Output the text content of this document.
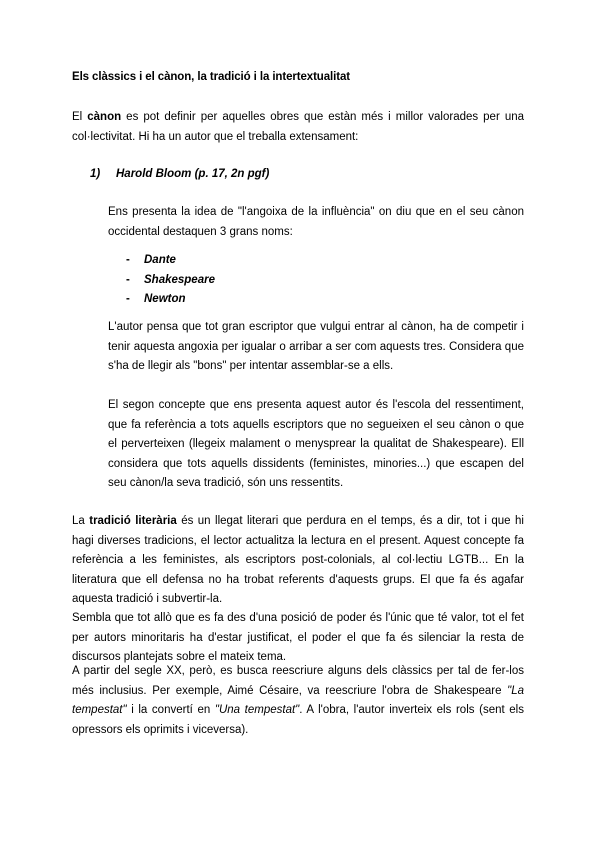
Els clàssics i el cànon, la tradició i la intertextualitat

El cànon es pot definir per aquelles obres que estàn més i millor valorades per una col·lectivitat. Hi ha un autor que el treballa extensament:

1) Harold Bloom (p. 17, 2n pgf)

Ens presenta la idea de "l'angoixa de la influència" on diu que en el seu cànon occidental destaquen 3 grans noms:

- Dante
- Shakespeare
- Newton

L'autor pensa que tot gran escriptor que vulgui entrar al cànon, ha de competir i tenir aquesta angoxia per igualar o arribar a ser com aquests tres. Considera que s'ha de llegir als "bons" per intentar assemblar-se a ells.

El segon concepte que ens presenta aquest autor és l'escola del ressentiment, que fa referència a tots aquells escriptors que no segueixen el seu cànon o que el perverteixen (llegeix malament o menysprear la qualitat de Shakespeare). Ell considera que tots aquells dissidents (feministes, minories...) que escapen del seu cànon/la seva tradició, són uns ressentits.

La tradició literària és un llegat literari que perdura en el temps, és a dir, tot i que hi hagi diverses tradicions, el lector actualitza la lectura en el present. Aquest concepte fa referència a les feministes, als escriptors post-colonials, al col·lectiu LGTB... En la literatura que ell defensa no ha trobat referents d'aquests grups. El que fa és agafar aquesta tradició i subvertir-la.

Sembla que tot allò que es fa des d'una posició de poder és l'únic que té valor, tot el fet per autors minoritaris ha d'estar justificat, el poder el que fa és silenciar la resta de discursos plantejats sobre el mateix tema.

A partir del segle XX, però, es busca reescriure alguns dels clàssics per tal de fer-los més inclusius. Per exemple, Aimé Césaire, va reescriure l'obra de Shakespeare "La tempestat" i la convertí en "Una tempestat". A l'obra, l'autor inverteix els rols (sent els opressors els oprimits i viceversa).
